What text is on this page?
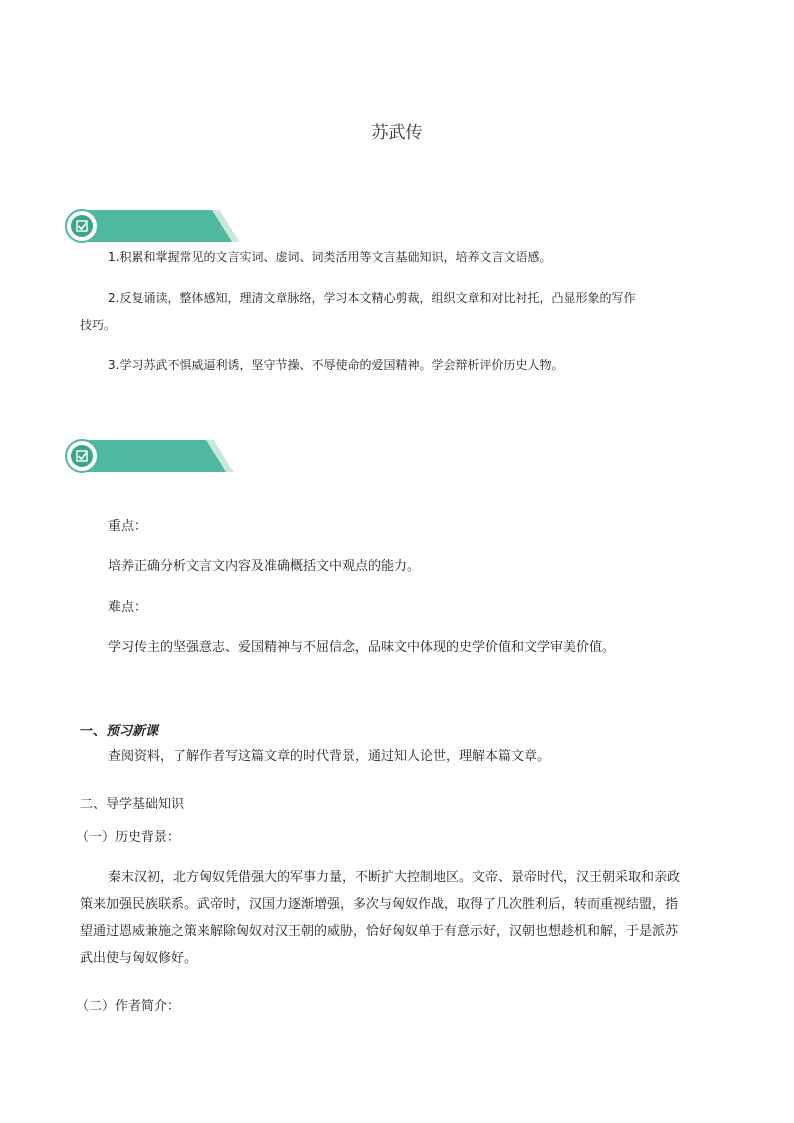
苏武传
1.积累和掌握常见的文言实词、虚词、词类活用等文言基础知识，培养文言文语感。
2.反复诵读，整体感知，理清文章脉络，学习本文精心剪裁，组织文章和对比衬托，凸显形象的写作
技巧。
3.学习苏武不惧威逼利诱，坚守节操、不辱使命的爱国精神。学会辩析评价历史人物。
重点：
培养正确分析文言文内容及准确概括文中观点的能力。
难点：
学习传主的坚强意志、爱国精神与不屈信念，品味文中体现的史学价值和文学审美价值。
一、预习新课
查阅资料，了解作者写这篇文章的时代背景，通过知人论世，理解本篇文章。
二、导学基础知识
（一）历史背景：
秦末汉初，北方匈奴凭借强大的军事力量，不断扩大控制地区。文帝、景帝时代，汉王朝采取和亲政
策来加强民族联系。武帝时，汉国力逐渐增强，多次与匈奴作战，取得了几次胜利后，转而重视结盟，指
望通过恩威兼施之策来解除匈奴对汉王朝的威胁，恰好匈奴单于有意示好，汉朝也想趁机和解，于是派苏
武出使与匈奴修好。
（二）作者简介：
